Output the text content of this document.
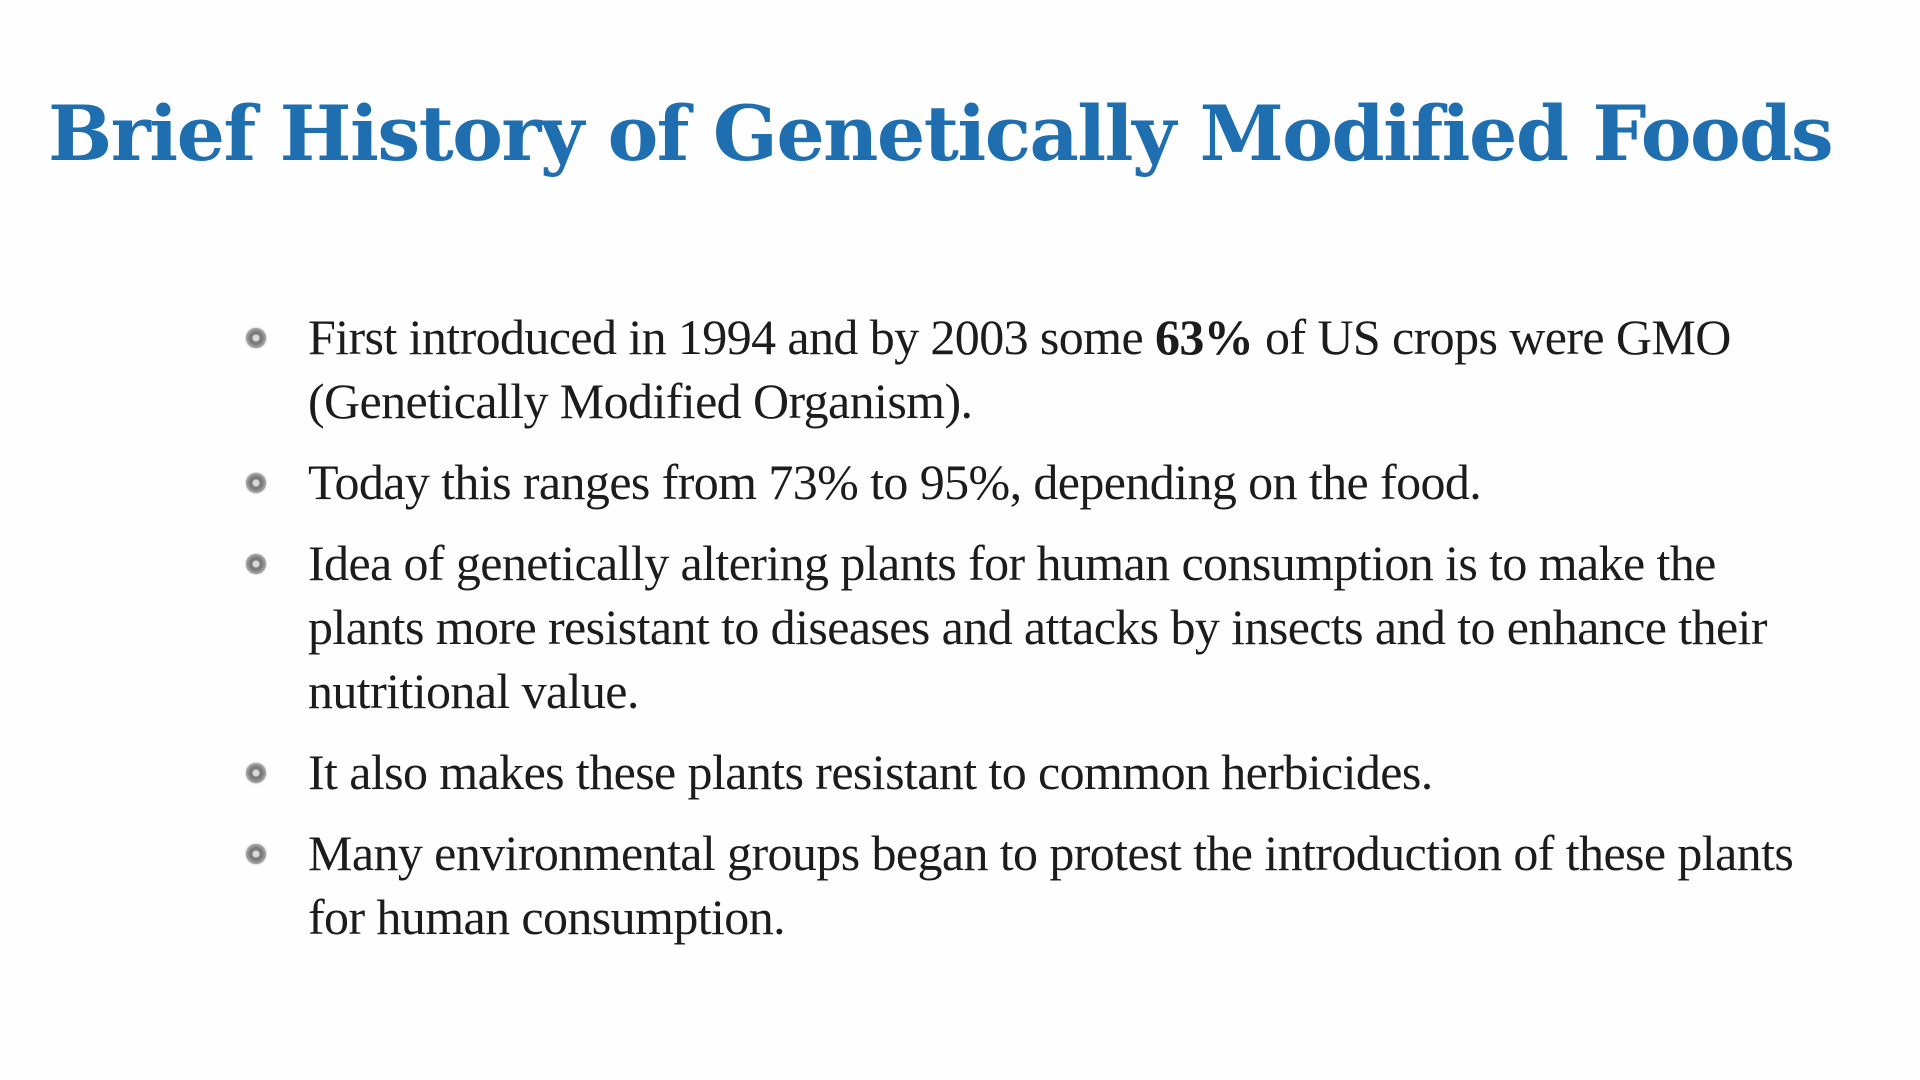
Brief History of Genetically Modified Foods
First introduced in 1994 and by 2003 some 63% of US crops were GMO (Genetically Modified Organism).
Today this ranges from 73% to 95%, depending on the food.
Idea of genetically altering plants for human consumption is to make the plants more resistant to diseases and attacks by insects and to enhance their nutritional value.
It also makes these plants resistant to common herbicides.
Many environmental groups began to protest the introduction of these plants for human consumption.
